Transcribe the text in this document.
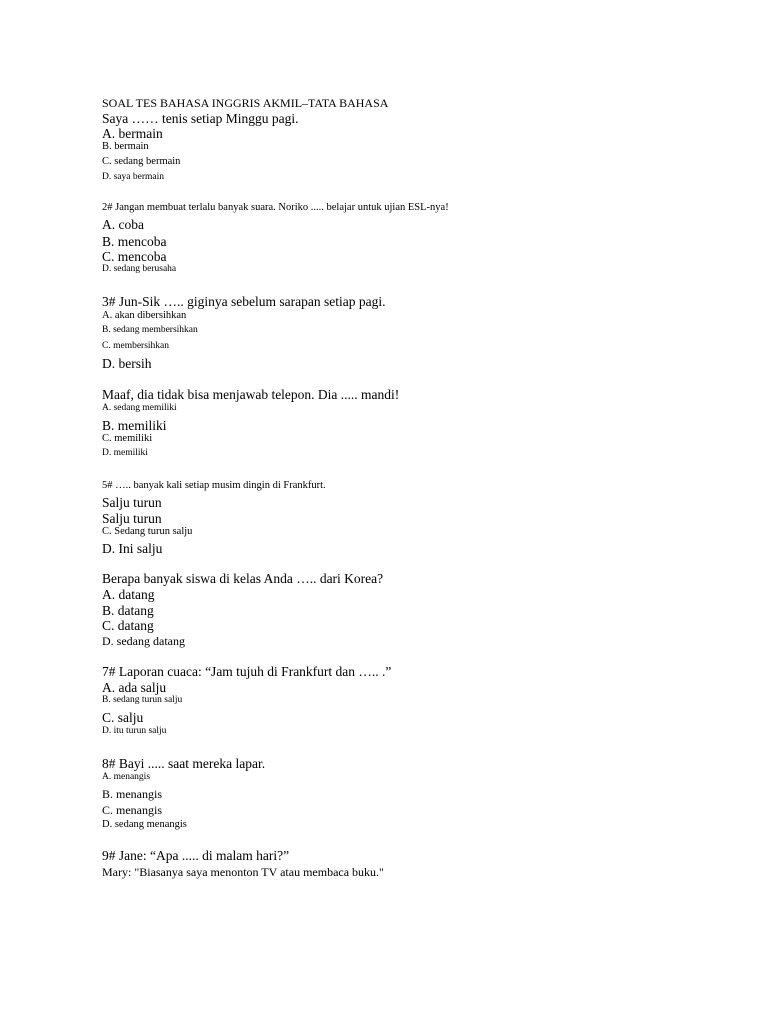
SOAL TES BAHASA INGGRIS AKMIL–TATA BAHASA
Saya …… tenis setiap Minggu pagi.
A. bermain
B. bermain
C. sedang bermain
D. saya bermain
2# Jangan membuat terlalu banyak suara. Noriko ..... belajar untuk ujian ESL-nya!
A. coba
B. mencoba
C. mencoba
D. sedang berusaha
3# Jun-Sik ….. giginya sebelum sarapan setiap pagi.
A. akan dibersihkan
B. sedang membersihkan
C. membersihkan
D. bersih
Maaf, dia tidak bisa menjawab telepon. Dia ..... mandi!
A. sedang memiliki
B. memiliki
C. memiliki
D. memiliki
5# ….. banyak kali setiap musim dingin di Frankfurt.
Salju turun
Salju turun
C. Sedang turun salju
D. Ini salju
Berapa banyak siswa di kelas Anda ….. dari Korea?
A. datang
B. datang
C. datang
D. sedang datang
7# Laporan cuaca: “Jam tujuh di Frankfurt dan ….. .”
A. ada salju
B. sedang turun salju
C. salju
D. itu turun salju
8# Bayi ..... saat mereka lapar.
A. menangis
B. menangis
C. menangis
D. sedang menangis
9# Jane: “Apa ..... di malam hari?”
Mary: "Biasanya saya menonton TV atau membaca buku."
